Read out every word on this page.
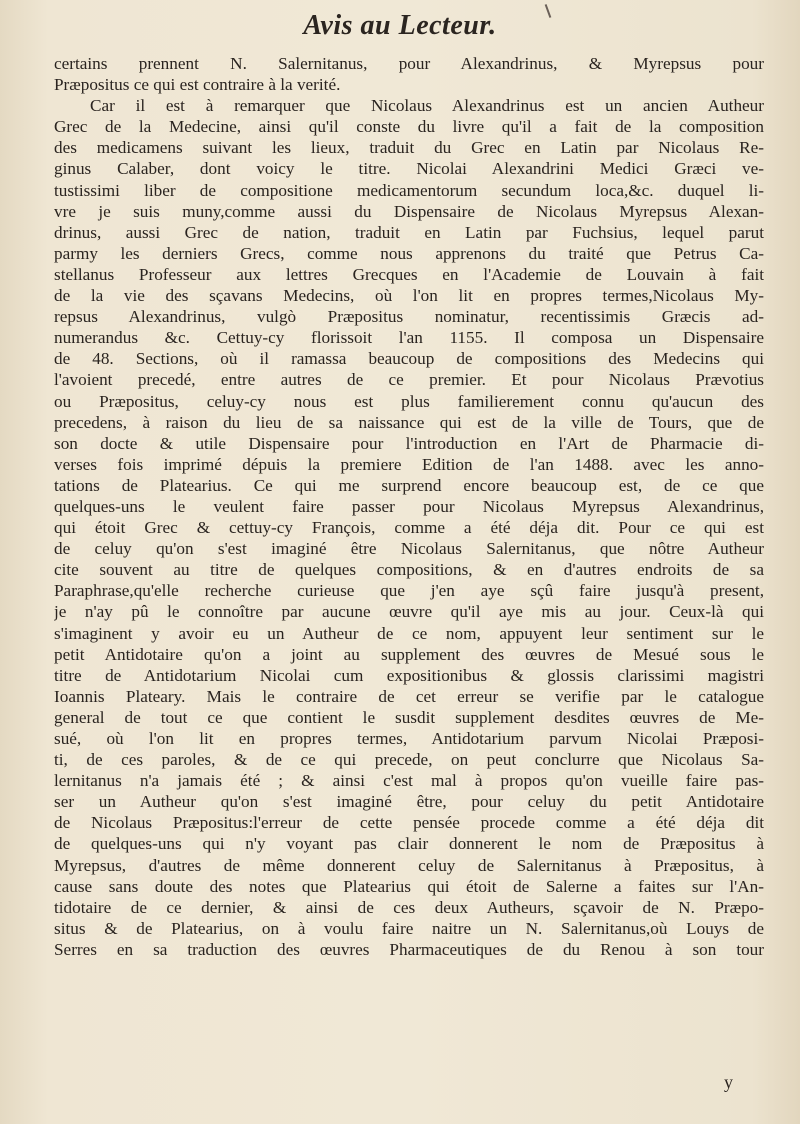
Avis au Lecteur.
certains prennent N. Salernitanus, pour Alexandrinus, & Myrepsus pour
Præpositus ce qui est contraire à la verité.
Car il est à remarquer que Nicolaus Alexandrinus est un ancien Autheur
Grec de la Medecine, ainsi qu'il conste du livre qu'il a fait de la composition
des medicamens suivant les lieux, traduit du Grec en Latin par Nicolaus Re-
ginus Calaber, dont voicy le titre. Nicolai Alexandrini Medici Græci ve-
tustissimi liber de compositione medicamentorum secundum loca,&c. duquel li-
vre je suis muny,comme aussi du Dispensaire de Nicolaus Myrepsus Alexan-
drinus, aussi Grec de nation, traduit en Latin par Fuchsius, lequel parut
parmy les derniers Grecs, comme nous apprenons du traité que Petrus Ca-
stellanus Professeur aux lettres Grecques en l'Academie de Louvain à fait
de la vie des sçavans Medecins, où l'on lit en propres termes,Nicolaus My-
repsus Alexandrinus, vulgò Præpositus nominatur, recentissimis Græcis ad-
numerandus &c. Cettuy-cy florissoit l'an 1155. Il composa un Dispensaire
de 48. Sections, où il ramassa beaucoup de compositions des Medecins qui
l'avoient precedé, entre autres de ce premier. Et pour Nicolaus Prævotius
ou Præpositus, celuy-cy nous est plus familierement connu qu'aucun des
precedens, à raison du lieu de sa naissance qui est de la ville de Tours, que de
son docte & utile Dispensaire pour l'introduction en l'Art de Pharmacie di-
verses fois imprimé dépuis la premiere Edition de l'an 1488. avec les anno-
tations de Platearius. Ce qui me surprend encore beaucoup est, de ce que
quelques-uns le veulent faire passer pour Nicolaus Myrepsus Alexandrinus,
qui étoit Grec & cettuy-cy François, comme a été déja dit. Pour ce qui est
de celuy qu'on s'est imaginé être Nicolaus Salernitanus, que nôtre Autheur
cite souvent au titre de quelques compositions, & en d'autres endroits de sa
Paraphrase,qu'elle recherche curieuse que j'en aye sçû faire jusqu'à present,
je n'ay pû le connoître par aucune œuvre qu'il aye mis au jour. Ceux-là qui
s'imaginent y avoir eu un Autheur de ce nom, appuyent leur sentiment sur le
petit Antidotaire qu'on a joint au supplement des œuvres de Mesué sous le
titre de Antidotarium Nicolai cum expositionibus & glossis clarissimi magistri
Ioannis Plateary. Mais le contraire de cet erreur se verifie par le catalogue
general de tout ce que contient le susdit supplement desdites œuvres de Me-
sué, où l'on lit en propres termes, Antidotarium parvum Nicolai Præposi-
ti, de ces paroles, & de ce qui precede, on peut conclurre que Nicolaus Sa-
lernitanus n'a jamais été ; & ainsi c'est mal à propos qu'on vueille faire pas-
ser un Autheur qu'on s'est imaginé être, pour celuy du petit Antidotaire
de Nicolaus Præpositus:l'erreur de cette pensée procede comme a été déja dit
de quelques-uns qui n'y voyant pas clair donnerent le nom de Præpositus à
Myrepsus, d'autres de même donnerent celuy de Salernitanus à Præpositus, à
cause sans doute des notes que Platearius qui étoit de Salerne a faites sur l'An-
tidotaire de ce dernier, & ainsi de ces deux Autheurs, sçavoir de N. Præpo-
situs & de Platearius, on à voulu faire naitre un N. Salernitanus,où Louys de
Serres en sa traduction des œuvres Pharmaceutiques de du Renou à son tour
y
